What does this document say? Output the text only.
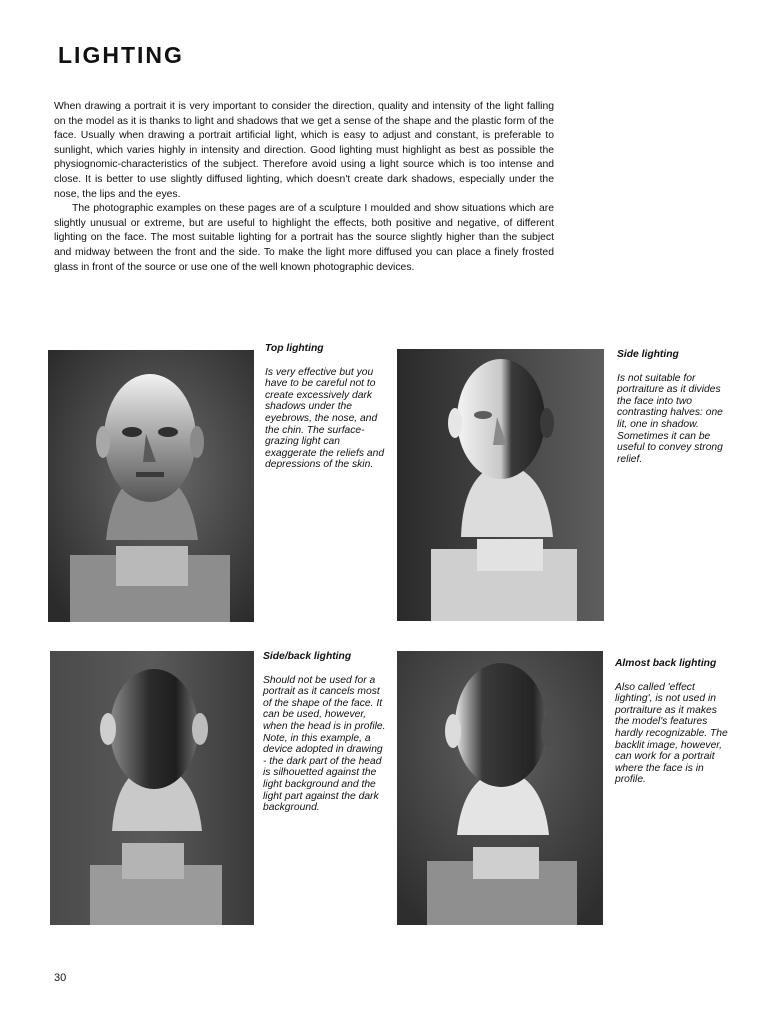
LIGHTING

When drawing a portrait it is very important to consider the direction, quality and intensity of the light falling on the model as it is thanks to light and shadows that we get a sense of the shape and the plastic form of the face. Usually when drawing a portrait artificial light, which is easy to adjust and constant, is preferable to sunlight, which varies highly in intensity and direction. Good lighting must highlight as best as possible the physiognomic-characteristics of the subject. Therefore avoid using a light source which is too intense and close. It is better to use slightly diffused lighting, which doesn't create dark shadows, especially under the nose, the lips and the eyes.

The photographic examples on these pages are of a sculpture I moulded and show situations which are slightly unusual or extreme, but are useful to highlight the effects, both positive and negative, of different lighting on the face. The most suitable lighting for a portrait has the source slightly higher than the subject and midway between the front and the side. To make the light more diffused you can place a finely frosted glass in front of the source or use one of the well known photographic devices.

Top lighting

Is very effective but you have to be careful not to create excessively dark shadows under the eyebrows, the nose, and the chin. The surface-grazing light can exaggerate the reliefs and depressions of the skin.

Side lighting

Is not suitable for portraiture as it divides the face into two contrasting halves: one lit, one in shadow. Sometimes it can be useful to convey strong relief.

Side/back lighting

Should not be used for a portrait as it cancels most of the shape of the face. It can be used, however, when the head is in profile. Note, in this example, a device adopted in drawing - the dark part of the head is silhouetted against the light background and the light part against the dark background.

Almost back lighting

Also called 'effect lighting', is not used in portraiture as it makes the model's features hardly recognizable. The backlit image, however, can work for a portrait where the face is in profile.

30
